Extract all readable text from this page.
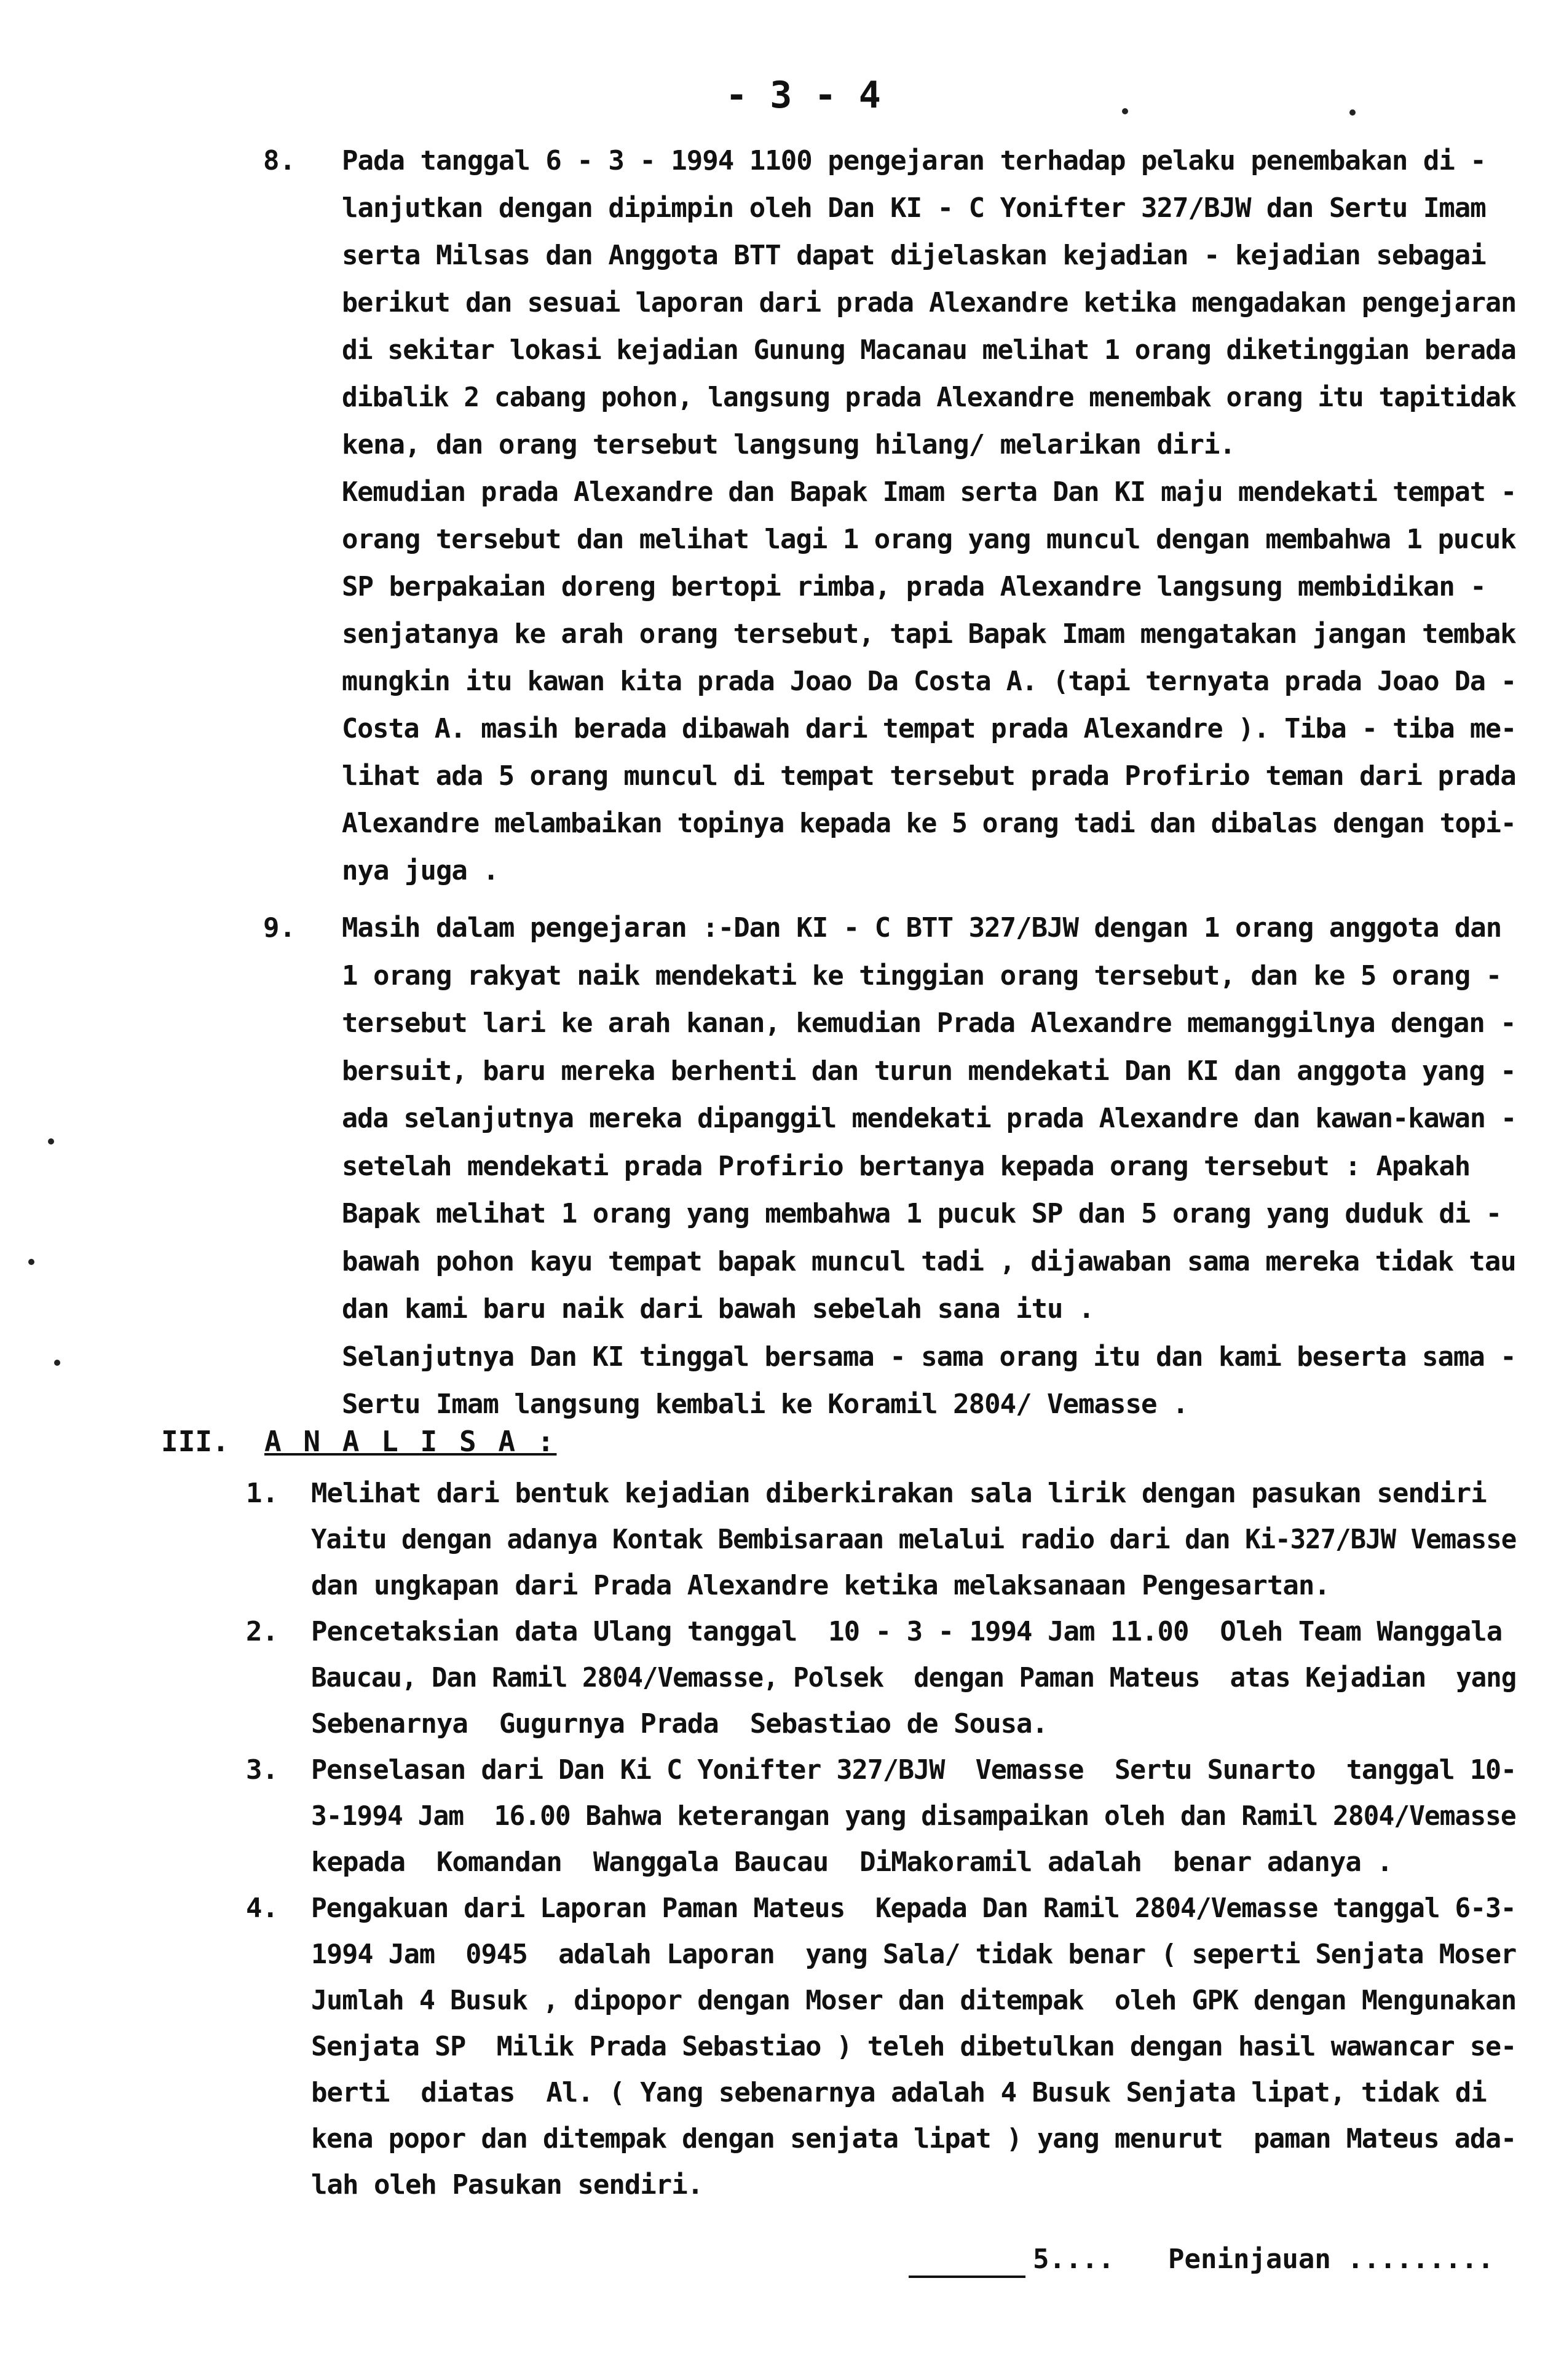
- 3 - 4
8. Pada tanggal 6 - 3 - 1994 1100 pengejaran terhadap pelaku penembakan di -
lanjutkan dengan dipimpin oleh Dan KI - C Yonifter 327/BJW dan Sertu Imam
serta Milsas dan Anggota BTT dapat dijelaskan kejadian - kejadian sebagai
berikut dan sesuai laporan dari prada Alexandre ketika mengadakan pengejaran
di sekitar lokasi kejadian Gunung Macanau melihat 1 orang diketinggian berada
dibalik 2 cabang pohon, langsung prada Alexandre menembak orang itu tapitidak
kena, dan orang tersebut langsung hilang/ melarikan diri.
Kemudian prada Alexandre dan Bapak Imam serta Dan KI maju mendekati tempat -
orang tersebut dan melihat lagi 1 orang yang muncul dengan membahwa 1 pucuk
SP berpakaian doreng bertopi rimba, prada Alexandre langsung membidikan -
senjatanya ke arah orang tersebut, tapi Bapak Imam mengatakan jangan tembak
mungkin itu kawan kita prada Joao Da Costa A. (tapi ternyata prada Joao Da -
Costa A. masih berada dibawah dari tempat prada Alexandre ). Tiba - tiba me-
lihat ada 5 orang muncul di tempat tersebut prada Profirio teman dari prada
Alexandre melambaikan topinya kepada ke 5 orang tadi dan dibalas dengan topi-
nya juga .
9. Masih dalam pengejaran :-Dan KI - C BTT 327/BJW dengan 1 orang anggota dan
1 orang rakyat naik mendekati ke tinggian orang tersebut, dan ke 5 orang -
tersebut lari ke arah kanan, kemudian Prada Alexandre memanggilnya dengan -
bersuit, baru mereka berhenti dan turun mendekati Dan KI dan anggota yang -
ada selanjutnya mereka dipanggil mendekati prada Alexandre dan kawan-kawan -
setelah mendekati prada Profirio bertanya kepada orang tersebut : Apakah
Bapak melihat 1 orang yang membahwa 1 pucuk SP dan 5 orang yang duduk di -
bawah pohon kayu tempat bapak muncul tadi , dijawaban sama mereka tidak tau
dan kami baru naik dari bawah sebelah sana itu .
Selanjutnya Dan KI tinggal bersama - sama orang itu dan kami beserta sama -
Sertu Imam langsung kembali ke Koramil 2804/ Vemasse .
III. A N A L I S A :
1. Melihat dari bentuk kejadian diberkirakan sala lirik dengan pasukan sendiri
Yaitu dengan adanya Kontak Bembisaraan melalui radio dari dan Ki-327/BJW Vemasse
dan ungkapan dari Prada Alexandre ketika melaksanaan Pengesartan.
2. Pencetaksian data Ulang tanggal  10 - 3 - 1994 Jam 11.00  Oleh Team Wanggala
Baucau, Dan Ramil 2804/Vemasse, Polsek  dengan Paman Mateus  atas Kejadian  yang
Sebenarnya  Gugurnya Prada  Sebastiao de Sousa.
3. Penselasan dari Dan Ki C Yonifter 327/BJW  Vemasse  Sertu Sunarto  tanggal 10-
3-1994 Jam  16.00 Bahwa keterangan yang disampaikan oleh dan Ramil 2804/Vemasse
kepada  Komandan  Wanggala Baucau  DiMakoramil adalah  benar adanya .
4. Pengakuan dari Laporan Paman Mateus  Kepada Dan Ramil 2804/Vemasse tanggal 6-3-
1994 Jam  0945  adalah Laporan  yang Sala/ tidak benar ( seperti Senjata Moser
Jumlah 4 Busuk , dipopor dengan Moser dan ditempak  oleh GPK dengan Mengunakan
Senjata SP  Milik Prada Sebastiao ) teleh dibetulkan dengan hasil wawancar se-
berti  diatas  Al. ( Yang sebenarnya adalah 4 Busuk Senjata lipat, tidak di
kena popor dan ditempak dengan senjata lipat ) yang menurut  paman Mateus ada-
lah oleh Pasukan sendiri.
5.... Peninjauan .........
